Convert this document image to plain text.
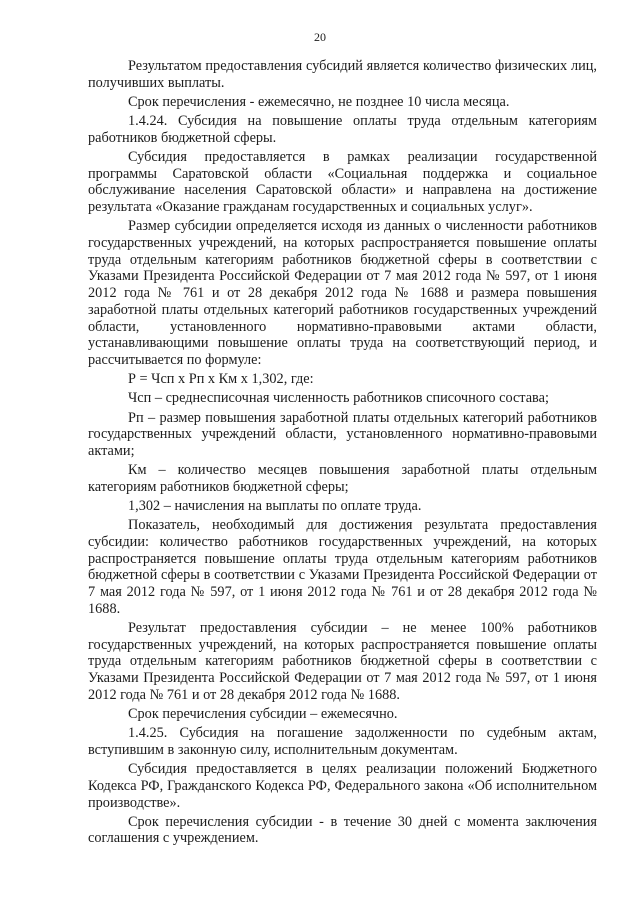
20

Результатом предоставления субсидий является количество физических лиц, получивших выплаты.

Срок перечисления - ежемесячно, не позднее 10 числа месяца.

1.4.24. Субсидия на повышение оплаты труда отдельным категориям работников бюджетной сферы.

Субсидия предоставляется в рамках реализации государственной программы Саратовской области «Социальная поддержка и социальное обслуживание населения Саратовской области» и направлена на достижение результата «Оказание гражданам государственных и социальных услуг».

Размер субсидии определяется исходя из данных о численности работников государственных учреждений, на которых распространяется повышение оплаты труда отдельным категориям работников бюджетной сферы в соответствии с Указами Президента Российской Федерации от 7 мая 2012 года № 597, от 1 июня 2012 года № 761 и от 28 декабря 2012 года № 1688 и размера повышения заработной платы отдельных категорий работников государственных учреждений области, установленного нормативно-правовыми актами области, устанавливающими повышение оплаты труда на соответствующий период, и рассчитывается по формуле:

Р = Чсп х Рп х Км х 1,302, где:

Чсп – среднесписочная численность работников списочного состава;

Рп – размер повышения заработной платы отдельных категорий работников государственных учреждений области, установленного нормативно-правовыми актами;

Км – количество месяцев повышения заработной платы отдельным категориям работников бюджетной сферы;

1,302 – начисления на выплаты по оплате труда.

Показатель, необходимый для достижения результата предоставления субсидии: количество работников государственных учреждений, на которых распространяется повышение оплаты труда отдельным категориям работников бюджетной сферы в соответствии с Указами Президента Российской Федерации от 7 мая 2012 года № 597, от 1 июня 2012 года № 761 и от 28 декабря 2012 года № 1688.

Результат предоставления субсидии – не менее 100% работников государственных учреждений, на которых распространяется повышение оплаты труда отдельным категориям работников бюджетной сферы в соответствии с Указами Президента Российской Федерации от 7 мая 2012 года № 597, от 1 июня 2012 года № 761 и от 28 декабря 2012 года № 1688.

Срок перечисления субсидии – ежемесячно.

1.4.25. Субсидия на погашение задолженности по судебным актам, вступившим в законную силу, исполнительным документам.

Субсидия предоставляется в целях реализации положений Бюджетного Кодекса РФ, Гражданского Кодекса РФ, Федерального закона «Об исполнительном производстве».

Срок перечисления субсидии - в течение 30 дней с момента заключения соглашения с учреждением.
